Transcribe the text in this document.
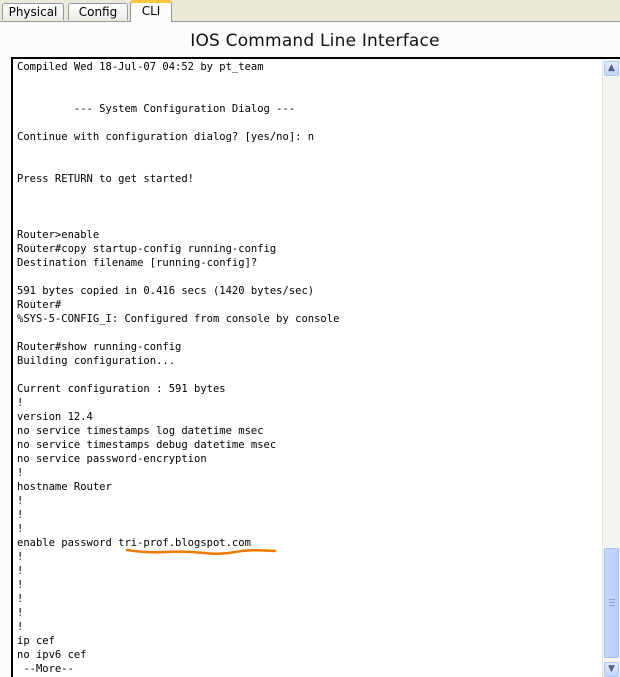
Physical	Config	CLI
IOS Command Line Interface
Compiled Wed 18-Jul-07 04:52 by pt_team
--- System Configuration Dialog ---
Continue with configuration dialog? [yes/no]: n
Press RETURN to get started!
Router>enable
Router#copy startup-config running-config
Destination filename [running-config]?
591 bytes copied in 0.416 secs (1420 bytes/sec)
Router#
%SYS-5-CONFIG_I: Configured from console by console
Router#show running-config
Building configuration...
Current configuration : 591 bytes
!
version 12.4
no service timestamps log datetime msec
no service timestamps debug datetime msec
no service password-encryption
!
hostname Router
!
!
!
enable password tri-prof.blogspot.com
!
!
!
!
!
!
ip cef
no ipv6 cef
--More--
▲
▼
